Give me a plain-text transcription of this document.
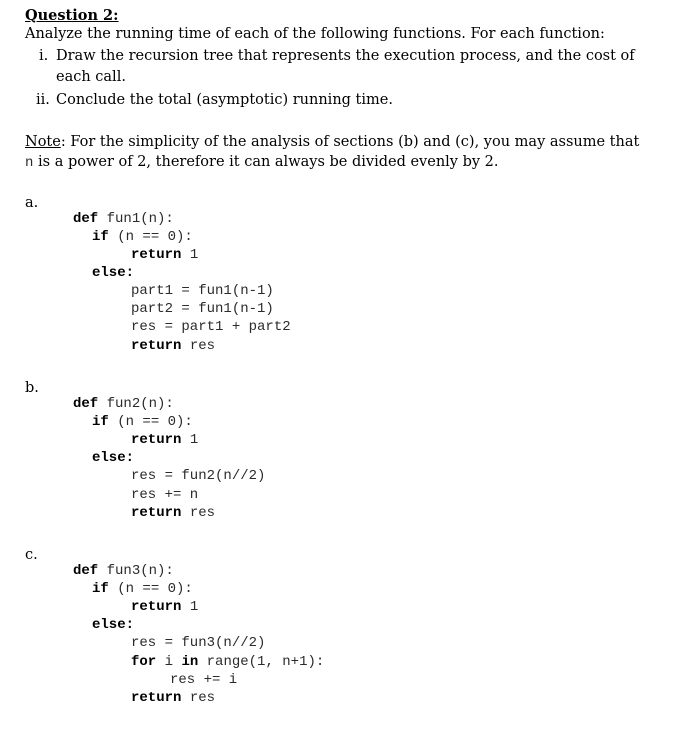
Question 2:
Analyze the running time of each of the following functions. For each function:
i. Draw the recursion tree that represents the execution process, and the cost of
each call.
ii. Conclude the total (asymptotic) running time.
Note: For the simplicity of the analysis of sections (b) and (c), you may assume that
n is a power of 2, therefore it can always be divided evenly by 2.
a.
def fun1(n):
if (n == 0):
return 1
else:
part1 = fun1(n-1)
part2 = fun1(n-1)
res = part1 + part2
return res
b.
def fun2(n):
if (n == 0):
return 1
else:
res = fun2(n//2)
res += n
return res
c.
def fun3(n):
if (n == 0):
return 1
else:
res = fun3(n//2)
for i in range(1, n+1):
res += i
return res
